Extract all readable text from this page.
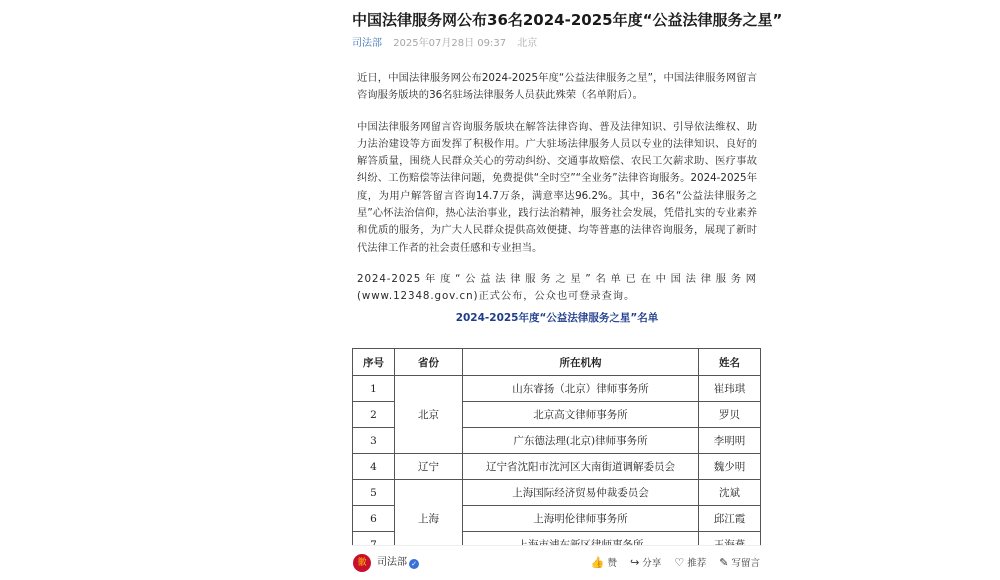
中国法律服务网公布36名2024-2025年度“公益法律服务之星”
司法部 2025年07月28日 09:37 北京

近日，中国法律服务网公布2024-2025年度“公益法律服务之星”，中国法律服务网留言咨询服务版块的36名驻场法律服务人员获此殊荣（名单附后）。

中国法律服务网留言咨询服务版块在解答法律咨询、普及法律知识、引导依法维权、助力法治建设等方面发挥了积极作用。广大驻场法律服务人员以专业的法律知识、良好的解答质量，围绕人民群众关心的劳动纠纷、交通事故赔偿、农民工欠薪求助、医疗事故纠纷、工伤赔偿等法律问题，免费提供“全时空”“全业务”法律咨询服务。2024-2025年度，为用户解答留言咨询14.7万条，满意率达96.2%。其中，36名“公益法律服务之星”心怀法治信仰，热心法治事业，践行法治精神，服务社会发展，凭借扎实的专业素养和优质的服务，为广大人民群众提供高效便捷、均等普惠的法律咨询服务，展现了新时代法律工作者的社会责任感和专业担当。

2024-2025年度“公益法律服务之星”名单已在中国法律服务网(www.12348.gov.cn)正式公布，公众也可登录查询。

2024-2025年度“公益法律服务之星”名单
序号	省份	所在机构	姓名
1	北京	山东睿扬（北京）律师事务所	崔玮琪
2		北京高文律师事务所	罗贝
3		广东德法理(北京)律师事务所	李明明
4	辽宁	辽宁省沈阳市沈河区大南街道调解委员会	魏少明
5	上海	上海国际经济贸易仲裁委员会	沈斌
6		上海明伦律师事务所	邱江霞

徽	司法部 ✓	👍 赞 ↪ 分享 ♡ 推荐 ✎ 写留言
